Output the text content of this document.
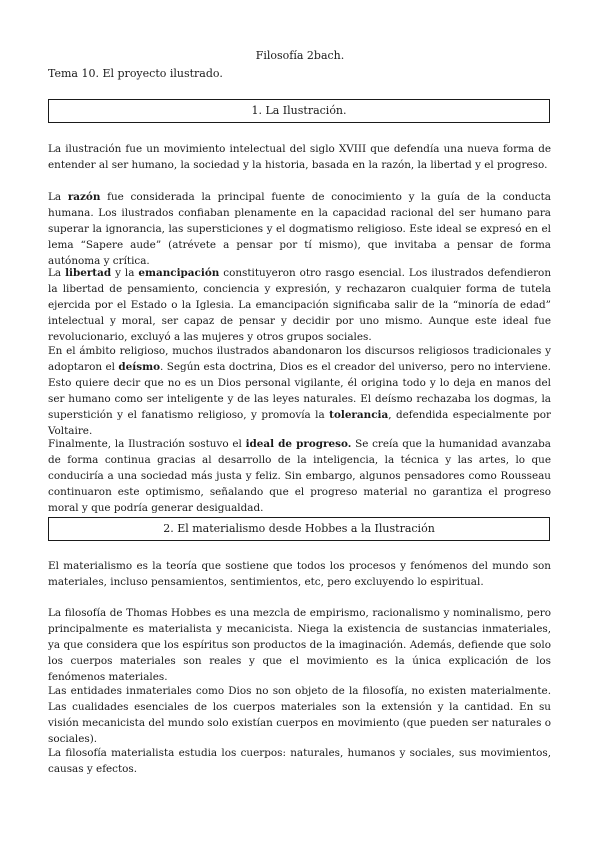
Filosofía 2bach.
Tema 10. El proyecto ilustrado.
1. La Ilustración.

La ilustración fue un movimiento intelectual del siglo XVIII que defendía una nueva forma de entender al ser humano, la sociedad y la historia, basada en la razón, la libertad y el progreso.

La razón fue considerada la principal fuente de conocimiento y la guía de la conducta humana. Los ilustrados confiaban plenamente en la capacidad racional del ser humano para superar la ignorancia, las supersticiones y el dogmatismo religioso. Este ideal se expresó en el lema “Sapere aude” (atrévete a pensar por tí mismo), que invitaba a pensar de forma autónoma y crítica.

La libertad y la emancipación constituyeron otro rasgo esencial. Los ilustrados defendieron la libertad de pensamiento, conciencia y expresión, y rechazaron cualquier forma de tutela ejercida por el Estado o la Iglesia. La emancipación significaba salir de la “minoría de edad” intelectual y moral, ser capaz de pensar y decidir por uno mismo. Aunque este ideal fue revolucionario, excluyó a las mujeres y otros grupos sociales.

En el ámbito religioso, muchos ilustrados abandonaron los discursos religiosos tradicionales y adoptaron el deísmo. Según esta doctrina, Dios es el creador del universo, pero no interviene. Esto quiere decir que no es un Dios personal vigilante, él origina todo y lo deja en manos del ser humano como ser inteligente y de las leyes naturales. El deísmo rechazaba los dogmas, la superstición y el fanatismo religioso, y promovía la tolerancia, defendida especialmente por Voltaire.

Finalmente, la Ilustración sostuvo el ideal de progreso. Se creía que la humanidad avanzaba de forma continua gracias al desarrollo de la inteligencia, la técnica y las artes, lo que conduciría a una sociedad más justa y feliz. Sin embargo, algunos pensadores como Rousseau continuaron este optimismo, señalando que el progreso material no garantiza el progreso moral y que podría generar desigualdad.

2. El materialismo desde Hobbes a la Ilustración

El materialismo es la teoría que sostiene que todos los procesos y fenómenos del mundo son materiales, incluso pensamientos, sentimientos, etc, pero excluyendo lo espiritual.

La filosofía de Thomas Hobbes es una mezcla de empirismo, racionalismo y nominalismo, pero principalmente es materialista y mecanicista. Niega la existencia de sustancias inmateriales, ya que considera que los espíritus son productos de la imaginación. Además, defiende que solo los cuerpos materiales son reales y que el movimiento es la única explicación de los fenómenos materiales.

Las entidades inmateriales como Dios no son objeto de la filosofía, no existen materialmente. Las cualidades esenciales de los cuerpos materiales son la extensión y la cantidad. En su visión mecanicista del mundo solo existían cuerpos en movimiento (que pueden ser naturales o sociales).

La filosofía materialista estudia los cuerpos: naturales, humanos y sociales, sus movimientos, causas y efectos.
